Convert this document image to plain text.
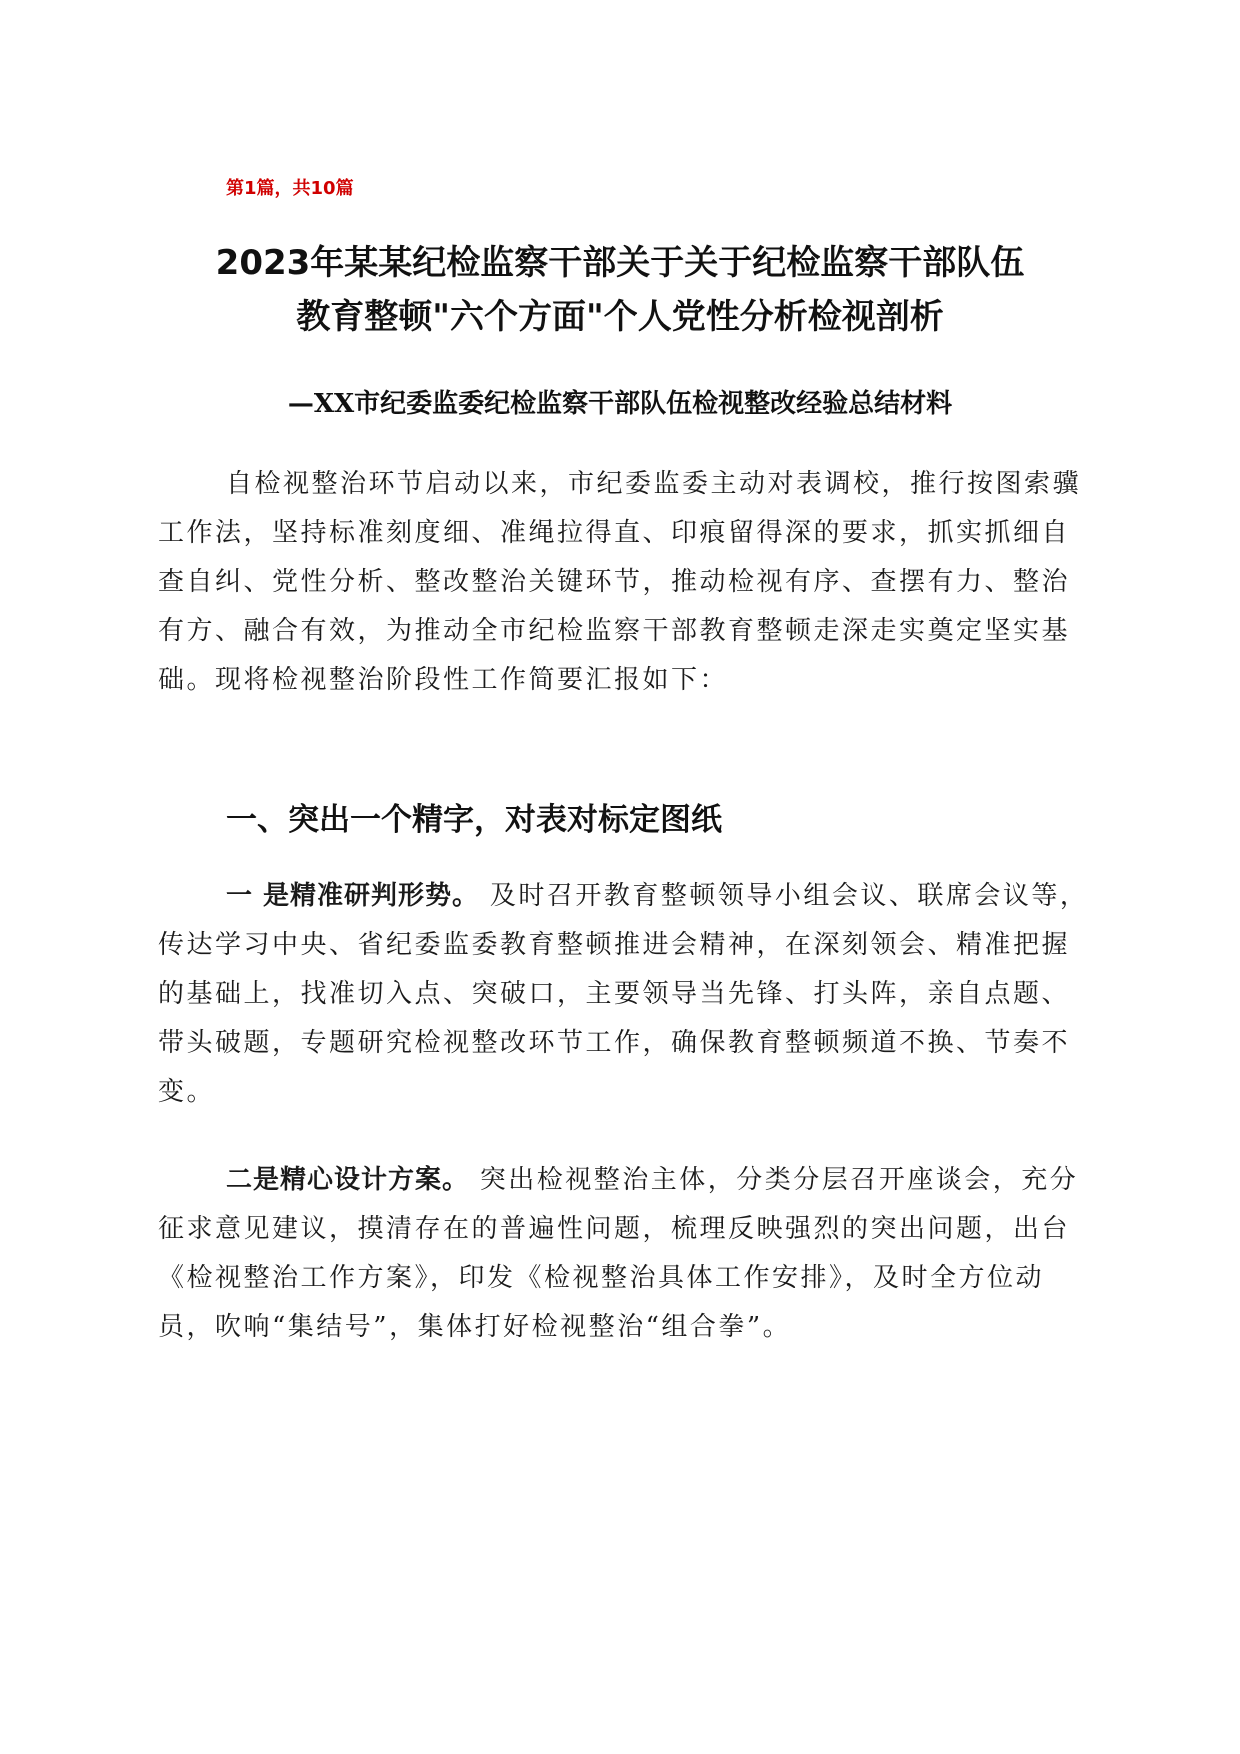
第1篇，共10篇
2023年某某纪检监察干部关于关于纪检监察干部队伍
教育整顿"六个方面"个人党性分析检视剖析
—XX市纪委监委纪检监察干部队伍检视整改经验总结材料

自检视整治环节启动以来，市纪委监委主动对表调校，推行按图索骥工作法，坚持标准刻度细、准绳拉得直、印痕留得深的要求，抓实抓细自查自纠、党性分析、整改整治关键环节，推动检视有序、查摆有力、整治有方、融合有效，为推动全市纪检监察干部教育整顿走深走实奠定坚实基础。现将检视整治阶段性工作简要汇报如下：

一、突出一个精字，对表对标定图纸

一 是精准研判形势。 及时召开教育整顿领导小组会议、联席会议等，传达学习中央、省纪委监委教育整顿推进会精神，在深刻领会、精准把握的基础上，找准切入点、突破口，主要领导当先锋、打头阵，亲自点题、带头破题，专题研究检视整改环节工作，确保教育整顿频道不换、节奏不变。

二是精心设计方案。 突出检视整治主体，分类分层召开座谈会，充分征求意见建议，摸清存在的普遍性问题，梳理反映强烈的突出问题，出台《检视整治工作方案》，印发《检视整治具体工作安排》，及时全方位动员，吹响“集结号”，集体打好检视整治“组合拳”。
